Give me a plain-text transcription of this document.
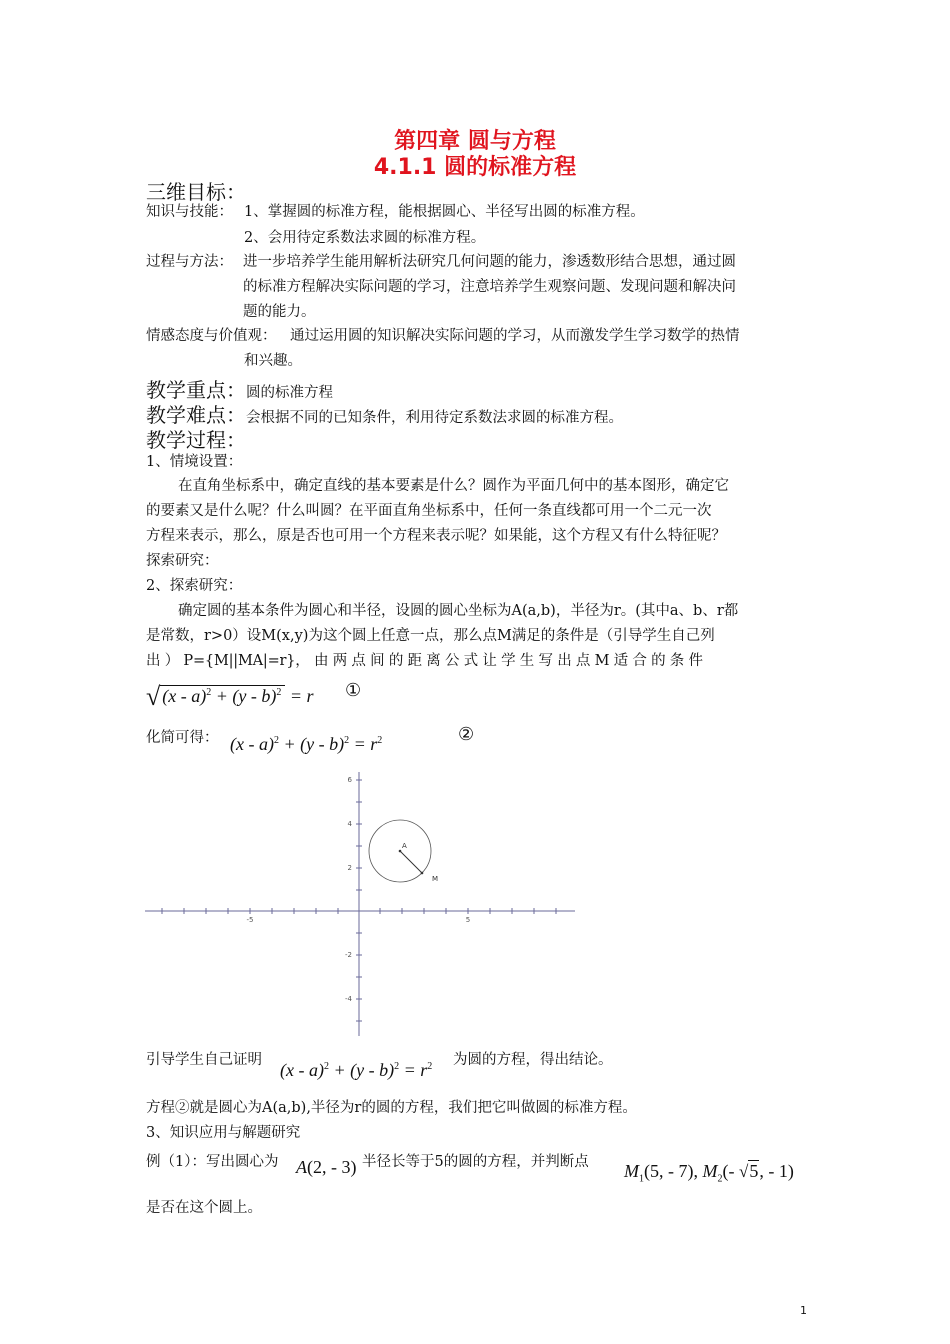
第四章 圆与方程
4.1.1 圆的标准方程
三维目标：
知识与技能： 1、掌握圆的标准方程，能根据圆心、半径写出圆的标准方程。
2、会用待定系数法求圆的标准方程。
过程与方法： 进一步培养学生能用解析法研究几何问题的能力，渗透数形结合思想，通过圆
的标准方程解决实际问题的学习，注意培养学生观察问题、发现问题和解决问
题的能力。
情感态度与价值观： 通过运用圆的知识解决实际问题的学习，从而激发学生学习数学的热情
和兴趣。
教学重点：圆的标准方程
教学难点：会根据不同的已知条件，利用待定系数法求圆的标准方程。
教学过程：
1、情境设置：
在直角坐标系中，确定直线的基本要素是什么？圆作为平面几何中的基本图形，确定它
的要素又是什么呢？什么叫圆？在平面直角坐标系中，任何一条直线都可用一个二元一次
方程来表示，那么，原是否也可用一个方程来表示呢？如果能，这个方程又有什么特征呢？
探索研究：
2、探索研究：
确定圆的基本条件为圆心和半径，设圆的圆心坐标为A(a,b)，半径为r。(其中a、b、r都
是常数，r>0）设M(x,y)为这个圆上任意一点，那么点M满足的条件是（引导学生自己列
出 ） P={M||MA|=r}， 由 两 点 间 的 距 离 公 式 让 学 生 写 出 点 M 适 合 的 条 件
√ (x - a)$^2$ + (y - b)$^2$ = r ①
化简可得： $(x - a)^2 + (y - b)^2 = r^2$	②
6
4
2
-2
-4
-5	5
A
M
引导学生自己证明 $(x - a)^2 + (y - b)^2 = r^2$ 为圆的方程，得出结论。
方程②就是圆心为A(a,b),半径为r的圆的方程，我们把它叫做圆的标准方程。
3、知识应用与解题研究
例（1）：写出圆心为 A(2, - 3) 半径长等于5的圆的方程，并判断点 $M_1(5$, - 7), $M_2(-$ √5, - 1)
是否在这个圆上。
1
